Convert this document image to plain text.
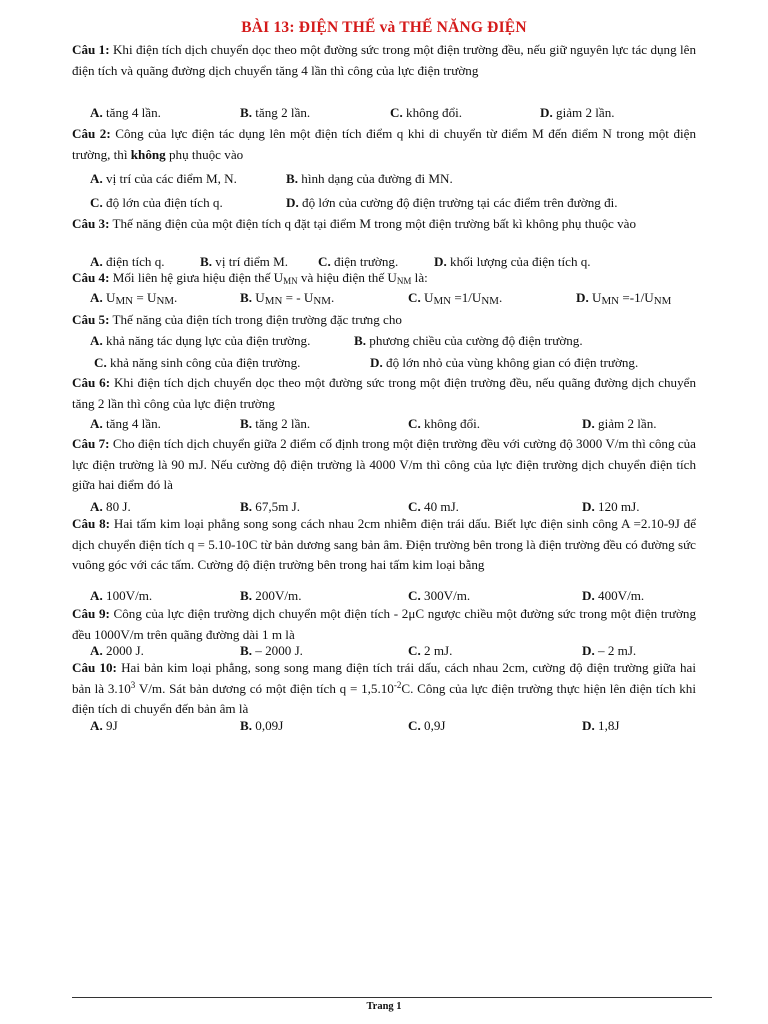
BÀI 13: ĐIỆN THẾ và THẾ NĂNG ĐIỆN

Câu 1: Khi điện tích dịch chuyển dọc theo một đường sức trong một điện trường đều, nếu giữ nguyên lực tác dụng lên điện tích và quãng đường dịch chuyển tăng 4 lần thì công của lực điện trường

A. tăng 4 lần.	B. tăng 2 lần.	C. không đổi.	D. giảm 2 lần.

Câu 2: Công của lực điện tác dụng lên một điện tích điểm q khi di chuyển từ điểm M đến điểm N trong một điện trường, thì không phụ thuộc vào

A. vị trí của các điểm M, N.	B. hình dạng của đường đi MN.
C. độ lớn của điện tích q.	D. độ lớn của cường độ điện trường tại các điểm trên đường đi.

Câu 3: Thế năng điện của một điện tích q đặt tại điểm M trong một điện trường bất kì không phụ thuộc vào

A. điện tích q.	B. vị trí điểm M. C. điện trường.	D. khối lượng của điện tích q.

Câu 4: Mối liên hệ giưa hiệu điện thế $U_{MN}$ và hiệu điện thế $U_{NM}$ là:

A. $U_{MN} = U_{NM}$.	B. $U_{MN}$ = - $U_{NM}$.	C. $U_{MN} =1/U_{NM}$.	D. $U_{MN} =-1/U_{NM}$

Câu 5: Thế năng của điện tích trong điện trường đặc trưng cho

A. khả năng tác dụng lực của điện trường.	B. phương chiều của cường độ điện trường.
C. khả năng sinh công của điện trường.	D. độ lớn nhỏ của vùng không gian có điện trường.

Câu 6: Khi điện tích dịch chuyển dọc theo một đường sức trong một điện trường đều, nếu quãng đường dịch chuyển tăng 2 lần thì công của lực điện trường

A. tăng 4 lần.	B. tăng 2 lần.	C. không đổi.	D. giảm 2 lần.

Câu 7: Cho điện tích dịch chuyển giữa 2 điểm cố định trong một điện trường đều với cường độ 3000 V/m thì công của lực điện trường là 90 mJ. Nếu cường độ điện trường là 4000 V/m thì công của lực điện trường dịch chuyển điện tích giữa hai điểm đó là

A. 80 J.	B. 67,5m J.	C. 40 mJ.	D. 120 mJ.

Câu 8: Hai tấm kim loại phẳng song song cách nhau 2cm nhiễm điện trái dấu. Biết lực điện sinh công A =2.10-9J để dịch chuyển điện tích q = 5.10-10C từ bản dương sang bản âm. Điện trường bên trong là điện trường đều có đường sức vuông góc với các tấm. Cường độ điện trường bên trong hai tấm kim loại bằng

A. 100V/m.	B. 200V/m.	C. 300V/m.	D. 400V/m.

Câu 9: Công của lực điện trường dịch chuyển một điện tích - 2μC ngược chiều một đường sức trong một điện trường đều 1000V/m trên quãng đường dài 1 m là

A. 2000 J.	B. – 2000 J.	C. 2 mJ.	D. – 2 mJ.

Câu 10: Hai bản kim loại phẳng, song song mang điện tích trái dấu, cách nhau 2cm, cường độ điện trường giữa hai bản là 3.10$^3$ V/m. Sát bản dương có một điện tích $q = 1,5.10^{-2}C$. Công của lực điện trường thực hiện lên điện tích khi điện tích di chuyển đến bản âm là

A. 9J	B. 0,09J	C. 0,9J	D. 1,8J
Trang 1
